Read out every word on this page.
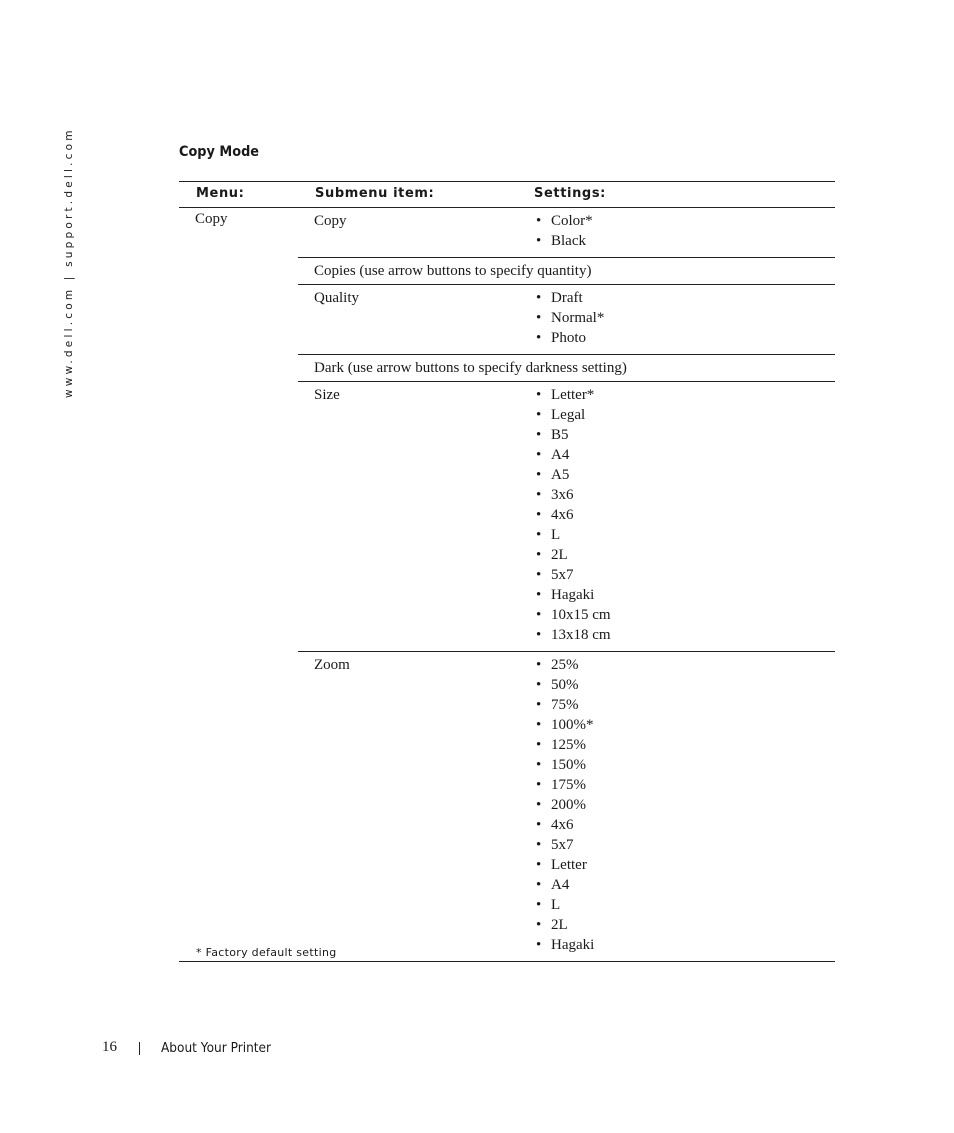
www.dell.com | support.dell.com	Copy Mode
Menu:	Submenu item:	Settings:
Copy	Copy	• Color*
• Black
Copies (use arrow buttons to specify quantity)
Quality	• Draft
• Normal*
• Photo
Dark (use arrow buttons to specify darkness setting)
Size	• Letter*
• Legal
• B5
• A4
• A5
• 3x6
• 4x6
• L
• 2L
• 5x7
• Hagaki
• 10x15 cm
• 13x18 cm
Zoom	• 25%
• 50%
• 75%
• 100%*
• 125%
• 150%
• 175%
• 200%
• 4x6
• 5x7
• Letter
• A4
• L
• 2L
• Hagaki
* Factory default setting
16	About Your Printer
